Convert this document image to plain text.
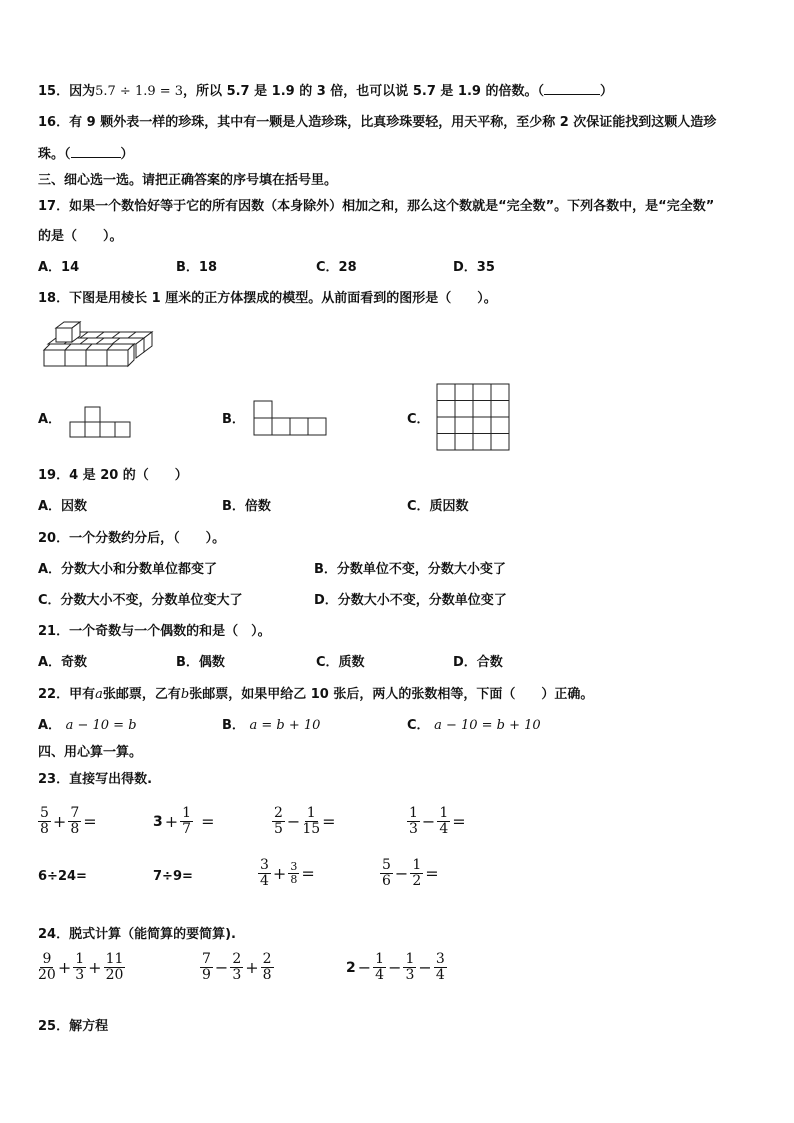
15．因为5.7 ÷ 1.9 = 3，所以 5.7 是 1.9 的 3 倍，也可以说 5.7 是 1.9 的倍数。（	）
16．有 9 颗外表一样的珍珠，其中有一颗是人造珍珠，比真珍珠要轻，用天平称，至少称 2 次保证能找到这颗人造珍
珠。（	）
三、细心选一选。请把正确答案的序号填在括号里。
17．如果一个数恰好等于它的所有因数（本身除外）相加之和，那么这个数就是“完全数”。下列各数中，是“完全数”
的是（　　）。
A．14	B．18	C．28	D．35
18．下图是用棱长 1 厘米的正方体摆成的模型。从前面看到的图形是（　　）。
A．	B．	C．
19．4 是 20 的（　　）
A．因数	B．倍数	C．质因数
20．一个分数约分后，（　　）。
A．分数大小和分数单位都变了	B．分数单位不变，分数大小变了
C．分数大小不变，分数单位变大了	D．分数大小不变，分数单位变了
21．一个奇数与一个偶数的和是（　）。
A．奇数	B．偶数	C．质数	D．合数
22．甲有a张邮票，乙有b张邮票，如果甲给乙 10 张后，两人的张数相等，下面（　　）正确。
A． a − 10 = b	B． a = b + 10	C． a − 10 = b + 10
四、用心算一算。
23．直接写出得数.
$\frac{5}{8} + \frac{7}{8}$ =	$3 + \frac{1}{7}$ =	$\frac{2}{5} - \frac{1}{15}$ =	$\frac{1}{3} - \frac{1}{4}$ =
6÷24=	7÷9=	$\frac{3}{4} + \frac{3}{8}$ =	$\frac{5}{6} - \frac{1}{2}$ =
24．脱式计算（能简算的要简算).
$\frac{9}{20} + \frac{1}{3} + \frac{11}{20}$	$\frac{7}{9} - \frac{2}{3} + \frac{2}{8}$	$2 - \frac{1}{4} - \frac{1}{3} - \frac{3}{4}$
25．解方程
